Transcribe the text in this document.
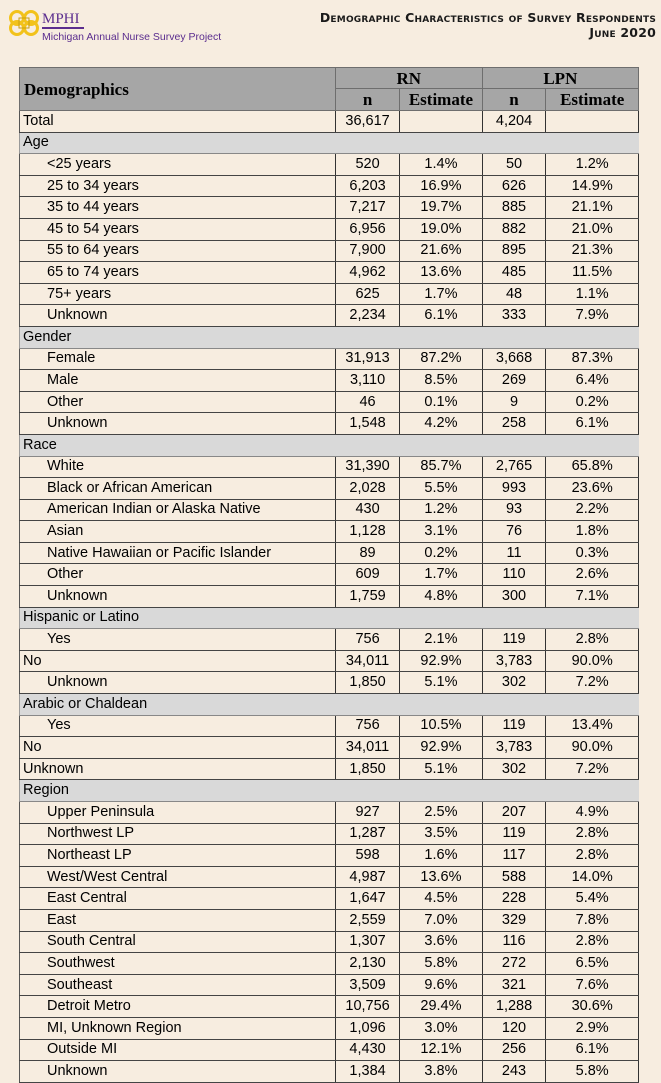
MPHI
Michigan Annual Nurse Survey Project
Demographic Characteristics of Survey Respondents
June 2020
Demographics	RN		LPN	
	n	Estimate	n	Estimate
Total	36,617		4,204	
Age				
<25 years	520	1.4%	50	1.2%
25 to 34 years	6,203	16.9%	626	14.9%
35 to 44 years	7,217	19.7%	885	21.1%
45 to 54 years	6,956	19.0%	882	21.0%
55 to 64 years	7,900	21.6%	895	21.3%
65 to 74 years	4,962	13.6%	485	11.5%
75+ years	625	1.7%	48	1.1%
Unknown	2,234	6.1%	333	7.9%
Gender				
Female	31,913	87.2%	3,668	87.3%
Male	3,110	8.5%	269	6.4%
Other	46	0.1%	9	0.2%
Unknown	1,548	4.2%	258	6.1%
Race				
White	31,390	85.7%	2,765	65.8%
Black or African American	2,028	5.5%	993	23.6%
American Indian or Alaska Native	430	1.2%	93	2.2%
Asian	1,128	3.1%	76	1.8%
Native Hawaiian or Pacific Islander	89	0.2%	11	0.3%
Other	609	1.7%	110	2.6%
Unknown	1,759	4.8%	300	7.1%
Hispanic or Latino				
Yes	756	2.1%	119	2.8%
No	34,011	92.9%	3,783	90.0%
Unknown	1,850	5.1%	302	7.2%
Arabic or Chaldean				
Yes	756	10.5%	119	13.4%
No	34,011	92.9%	3,783	90.0%
Unknown	1,850	5.1%	302	7.2%
Region				
Upper Peninsula	927	2.5%	207	4.9%
Northwest LP	1,287	3.5%	119	2.8%
Northeast LP	598	1.6%	117	2.8%
West/West Central	4,987	13.6%	588	14.0%
East Central	1,647	4.5%	228	5.4%
East	2,559	7.0%	329	7.8%
South Central	1,307	3.6%	116	2.8%
Southwest	2,130	5.8%	272	6.5%
Southeast	3,509	9.6%	321	7.6%
Detroit Metro	10,756	29.4%	1,288	30.6%
MI, Unknown Region	1,096	3.0%	120	2.9%
Outside MI	4,430	12.1%	256	6.1%
Unknown	1,384	3.8%	243	5.8%
